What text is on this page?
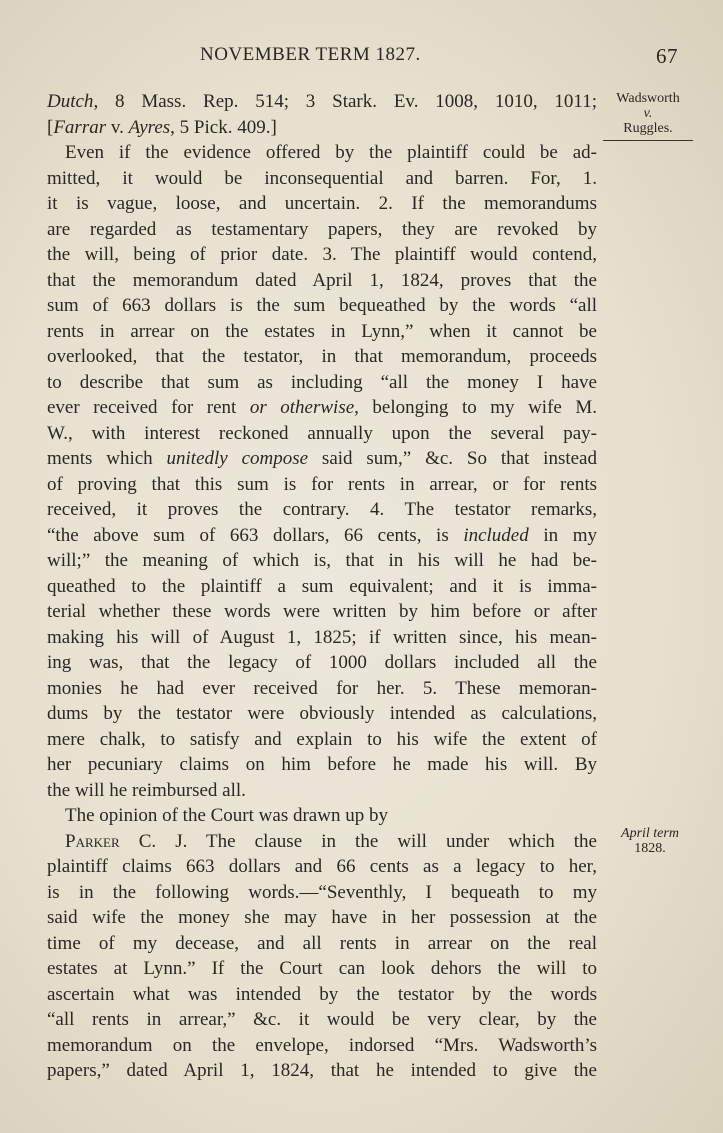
NOVEMBER TERM 1827.	67
Wadsworth
v.
Ruggles.
April term
1828.
Dutch, 8 Mass. Rep. 514; 3 Stark. Ev. 1008, 1010, 1011;
[Farrar v. Ayres, 5 Pick. 409.]
Even if the evidence offered by the plaintiff could be ad-
mitted, it would be inconsequential and barren. For, 1.
it is vague, loose, and uncertain. 2. If the memorandums
are regarded as testamentary papers, they are revoked by
the will, being of prior date. 3. The plaintiff would contend,
that the memorandum dated April 1, 1824, proves that the
sum of 663 dollars is the sum bequeathed by the words “all
rents in arrear on the estates in Lynn,” when it cannot be
overlooked, that the testator, in that memorandum, proceeds
to describe that sum as including “all the money I have
ever received for rent or otherwise, belonging to my wife M.
W., with interest reckoned annually upon the several pay-
ments which unitedly compose said sum,” &c. So that instead
of proving that this sum is for rents in arrear, or for rents
received, it proves the contrary. 4. The testator remarks,
“the above sum of 663 dollars, 66 cents, is included in my
will;” the meaning of which is, that in his will he had be-
queathed to the plaintiff a sum equivalent; and it is imma-
terial whether these words were written by him before or after
making his will of August 1, 1825; if written since, his mean-
ing was, that the legacy of 1000 dollars included all the
monies he had ever received for her. 5. These memoran-
dums by the testator were obviously intended as calculations,
mere chalk, to satisfy and explain to his wife the extent of
her pecuniary claims on him before he made his will. By
the will he reimbursed all.
The opinion of the Court was drawn up by
Parker C. J. The clause in the will under which the
plaintiff claims 663 dollars and 66 cents as a legacy to her,
is in the following words.—“Seventhly, I bequeath to my
said wife the money she may have in her possession at the
time of my decease, and all rents in arrear on the real
estates at Lynn.” If the Court can look dehors the will to
ascertain what was intended by the testator by the words
“all rents in arrear,” &c. it would be very clear, by the
memorandum on the envelope, indorsed “Mrs. Wadsworth’s
papers,” dated April 1, 1824, that he intended to give the
